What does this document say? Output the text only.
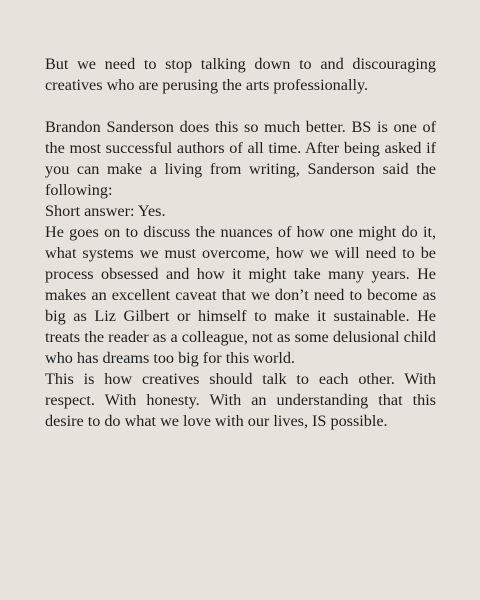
But we need to stop talking down to and discouraging creatives who are perusing the arts professionally.

Brandon Sanderson does this so much better. BS is one of the most successful authors of all time. After being asked if you can make a living from writing, Sanderson said the following:

Short answer: Yes.

He goes on to discuss the nuances of how one might do it, what systems we must overcome, how we will need to be process obsessed and how it might take many years. He makes an excellent caveat that we don’t need to become as big as Liz Gilbert or himself to make it sustainable. He treats the reader as a colleague, not as some delusional child who has dreams too big for this world.

This is how creatives should talk to each other. With respect. With honesty. With an understanding that this desire to do what we love with our lives, IS possible.
